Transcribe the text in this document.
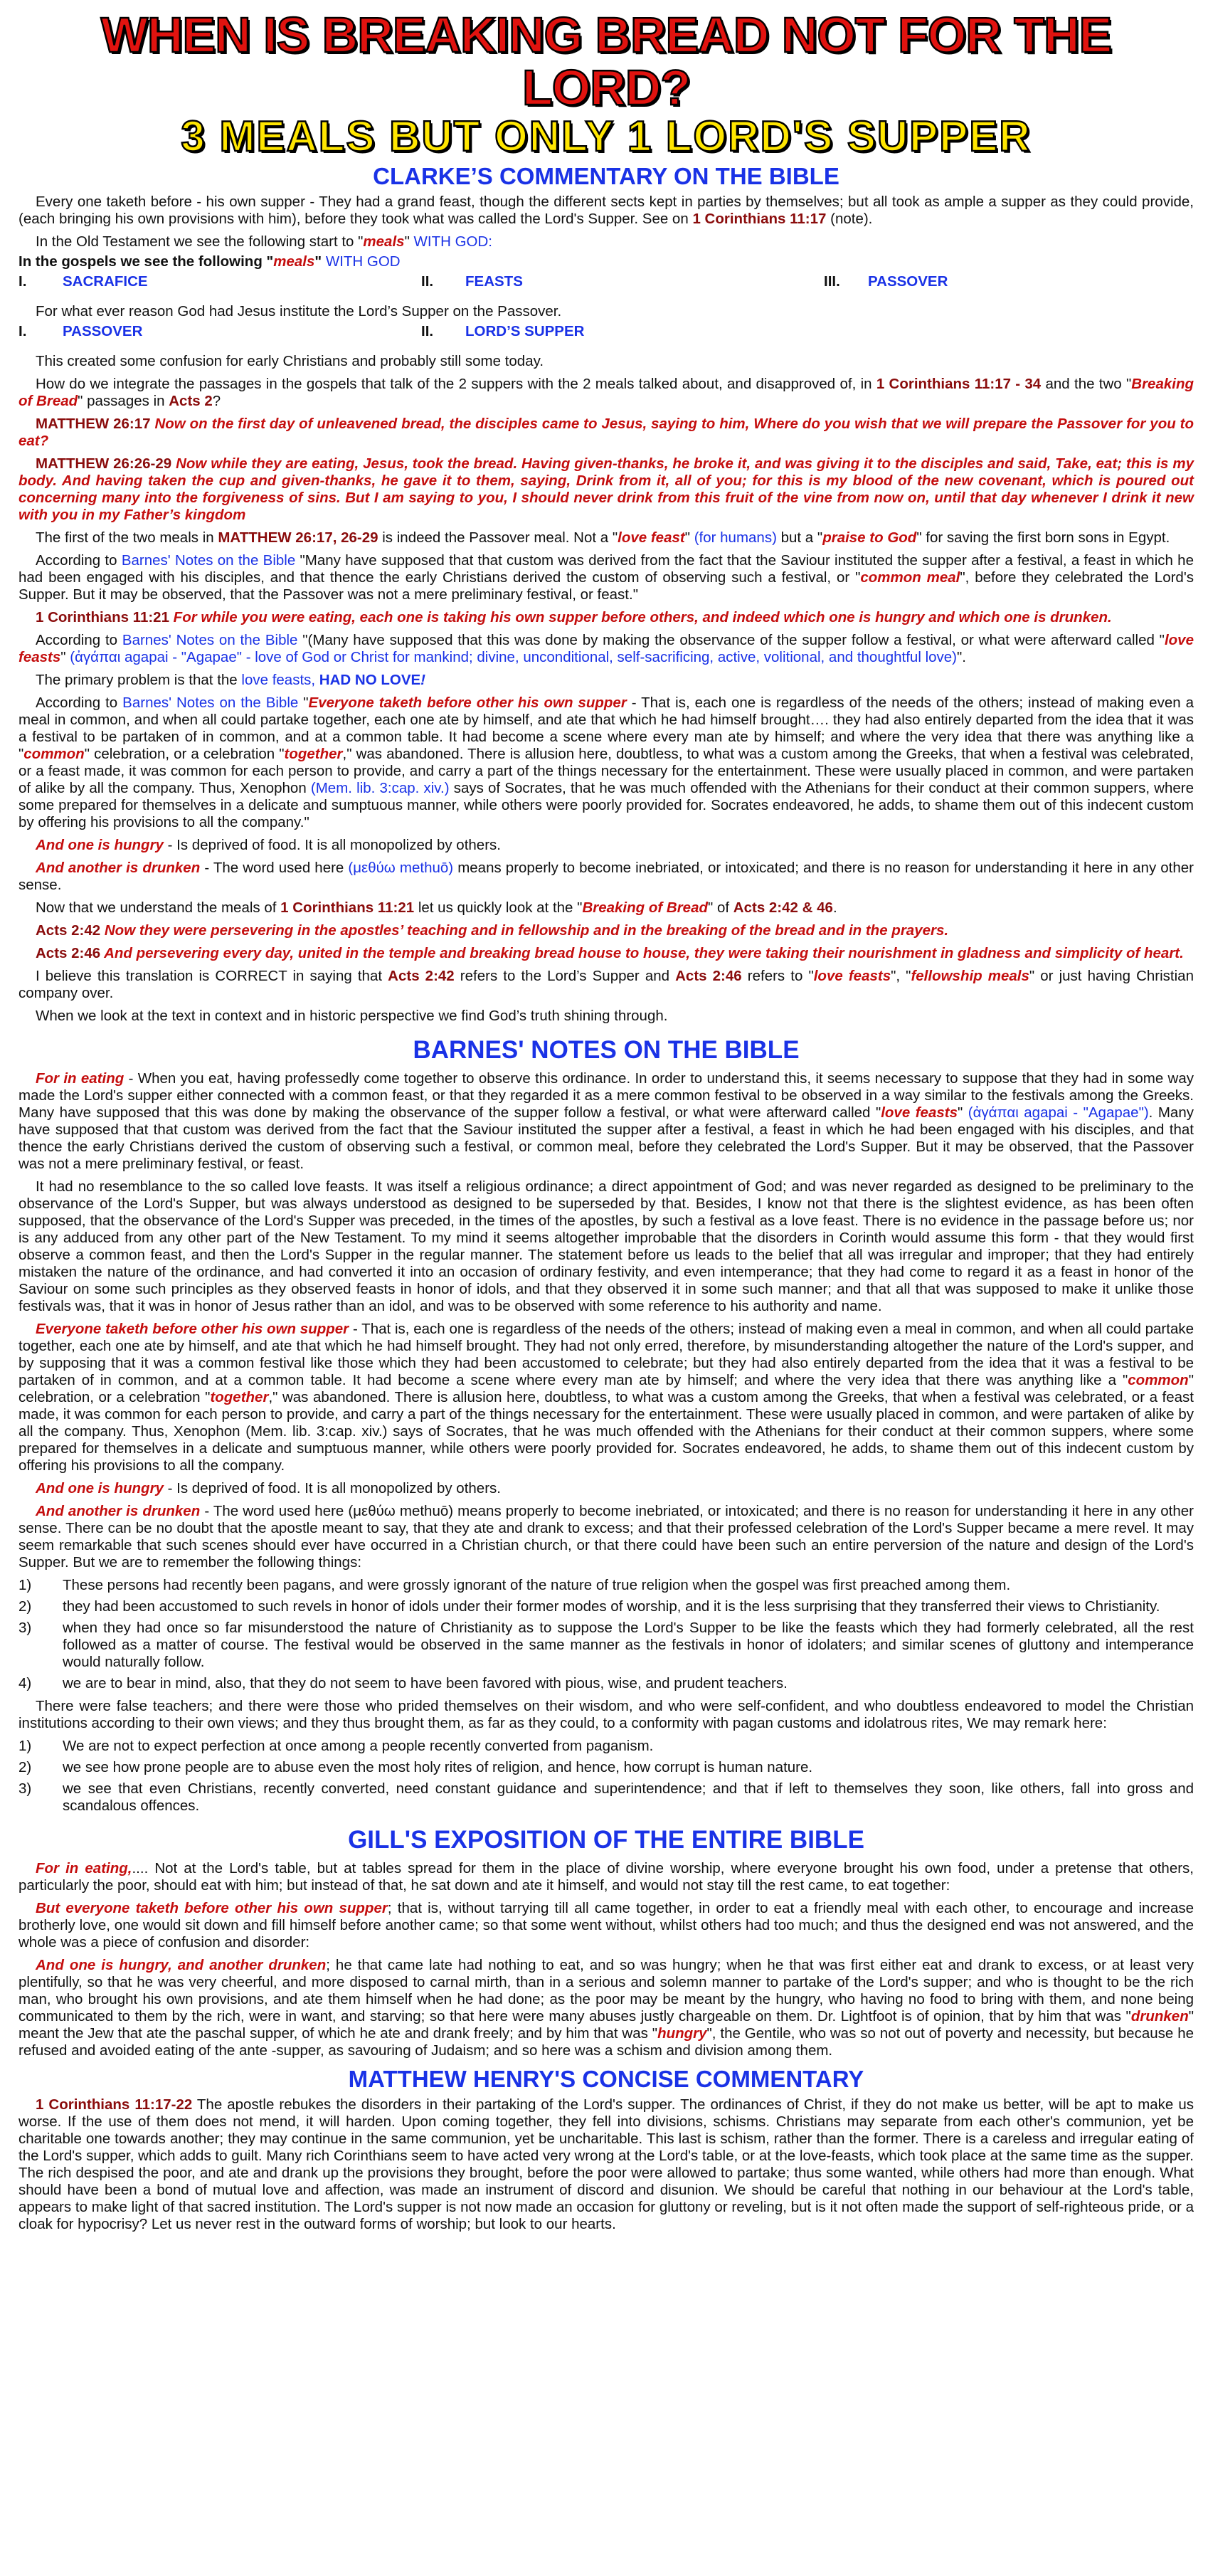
WHEN IS BREAKING BREAD NOT FOR THE LORD?
3 MEALS BUT ONLY 1 LORD'S SUPPER
CLARKE’S COMMENTARY ON THE BIBLE

Every one taketh before - his own supper - They had a grand feast, though the different sects kept in parties by themselves; but all took as ample a supper as they could provide, (each bringing his own provisions with him), before they took what was called the Lord's Supper. See on 1 Corinthians 11:17 (note).

In the Old Testament we see the following start to "meals" WITH GOD:

In the gospels we see the following "meals" WITH GOD

I.	SACRAFICE	II.	FEASTS	III.	PASSOVER

For what ever reason God had Jesus institute the Lord’s Supper on the Passover.

I.	PASSOVER	II.	LORD’S SUPPER

This created some confusion for early Christians and probably still some today.

How do we integrate the passages in the gospels that talk of the 2 suppers with the 2 meals talked about, and disapproved of, in 1 Corinthians 11:17 - 34 and the two "Breaking of Bread" passages in Acts 2?

MATTHEW 26:17 Now on the first day of unleavened bread, the disciples came to Jesus, saying to him, Where do you wish that we will prepare the Passover for you to eat?

MATTHEW 26:26-29 Now while they are eating, Jesus, took the bread. Having given-thanks, he broke it, and was giving it to the disciples and said, Take, eat; this is my body. And having taken the cup and given-thanks, he gave it to them, saying, Drink from it, all of you; for this is my blood of the new covenant, which is poured out concerning many into the forgiveness of sins. But I am saying to you, I should never drink from this fruit of the vine from now on, until that day whenever I drink it new with you in my Father’s kingdom

The first of the two meals in MATTHEW 26:17, 26-29 is indeed the Passover meal. Not a "love feast" (for humans) but a "praise to God" for saving the first born sons in Egypt.

According to Barnes' Notes on the Bible "Many have supposed that that custom was derived from the fact that the Saviour instituted the supper after a festival, a feast in which he had been engaged with his disciples, and that thence the early Christians derived the custom of observing such a festival, or "common meal", before they celebrated the Lord's Supper. But it may be observed, that the Passover was not a mere preliminary festival, or feast."

1 Corinthians 11:21 For while you were eating, each one is taking his own supper before others, and indeed which one is hungry and which one is drunken.

According to Barnes' Notes on the Bible "(Many have supposed that this was done by making the observance of the supper follow a festival, or what were afterward called "love feasts" (ἀγάπαι agapai - "Agapae" - love of God or Christ for mankind; divine, unconditional, self-sacrificing, active, volitional, and thoughtful love)".

The primary problem is that the love feasts, HAD NO LOVE!

According to Barnes' Notes on the Bible "Everyone taketh before other his own supper - That is, each one is regardless of the needs of the others; instead of making even a meal in common, and when all could partake together, each one ate by himself, and ate that which he had himself brought…. they had also entirely departed from the idea that it was a festival to be partaken of in common, and at a common table. It had become a scene where every man ate by himself; and where the very idea that there was anything like a "common" celebration, or a celebration "together," was abandoned. There is allusion here, doubtless, to what was a custom among the Greeks, that when a festival was celebrated, or a feast made, it was common for each person to provide, and carry a part of the things necessary for the entertainment. These were usually placed in common, and were partaken of alike by all the company. Thus, Xenophon (Mem. lib. 3:cap. xiv.) says of Socrates, that he was much offended with the Athenians for their conduct at their common suppers, where some prepared for themselves in a delicate and sumptuous manner, while others were poorly provided for. Socrates endeavored, he adds, to shame them out of this indecent custom by offering his provisions to all the company."

And one is hungry - Is deprived of food. It is all monopolized by others.

And another is drunken - The word used here (μεθύω methuō) means properly to become inebriated, or intoxicated; and there is no reason for understanding it here in any other sense.

Now that we understand the meals of 1 Corinthians 11:21 let us quickly look at the "Breaking of Bread" of Acts 2:42 & 46.

Acts 2:42 Now they were persevering in the apostles’ teaching and in fellowship and in the breaking of the bread and in the prayers.

Acts 2:46 And persevering every day, united in the temple and breaking bread house to house, they were taking their nourishment in gladness and simplicity of heart.

I believe this translation is CORRECT in saying that Acts 2:42 refers to the Lord’s Supper and Acts 2:46 refers to "love feasts", "fellowship meals" or just having Christian company over.

When we look at the text in context and in historic perspective we find God’s truth shining through.

BARNES' NOTES ON THE BIBLE

For in eating - When you eat, having professedly come together to observe this ordinance. In order to understand this, it seems necessary to suppose that they had in some way made the Lord's supper either connected with a common feast, or that they regarded it as a mere common festival to be observed in a way similar to the festivals among the Greeks. Many have supposed that this was done by making the observance of the supper follow a festival, or what were afterward called "love feasts" (ἀγάπαι agapai - "Agapae"). Many have supposed that that custom was derived from the fact that the Saviour instituted the supper after a festival, a feast in which he had been engaged with his disciples, and that thence the early Christians derived the custom of observing such a festival, or common meal, before they celebrated the Lord's Supper. But it may be observed, that the Passover was not a mere preliminary festival, or feast.

It had no resemblance to the so called love feasts. It was itself a religious ordinance; a direct appointment of God; and was never regarded as designed to be preliminary to the observance of the Lord's Supper, but was always understood as designed to be superseded by that. Besides, I know not that there is the slightest evidence, as has been often supposed, that the observance of the Lord's Supper was preceded, in the times of the apostles, by such a festival as a love feast. There is no evidence in the passage before us; nor is any adduced from any other part of the New Testament. To my mind it seems altogether improbable that the disorders in Corinth would assume this form - that they would first observe a common feast, and then the Lord's Supper in the regular manner. The statement before us leads to the belief that all was irregular and improper; that they had entirely mistaken the nature of the ordinance, and had converted it into an occasion of ordinary festivity, and even intemperance; that they had come to regard it as a feast in honor of the Saviour on some such principles as they observed feasts in honor of idols, and that they observed it in some such manner; and that all that was supposed to make it unlike those festivals was, that it was in honor of Jesus rather than an idol, and was to be observed with some reference to his authority and name.

Everyone taketh before other his own supper - That is, each one is regardless of the needs of the others; instead of making even a meal in common, and when all could partake together, each one ate by himself, and ate that which he had himself brought. They had not only erred, therefore, by misunderstanding altogether the nature of the Lord's supper, and by supposing that it was a common festival like those which they had been accustomed to celebrate; but they had also entirely departed from the idea that it was a festival to be partaken of in common, and at a common table. It had become a scene where every man ate by himself; and where the very idea that there was anything like a "common" celebration, or a celebration "together," was abandoned. There is allusion here, doubtless, to what was a custom among the Greeks, that when a festival was celebrated, or a feast made, it was common for each person to provide, and carry a part of the things necessary for the entertainment. These were usually placed in common, and were partaken of alike by all the company. Thus, Xenophon (Mem. lib. 3:cap. xiv.) says of Socrates, that he was much offended with the Athenians for their conduct at their common suppers, where some prepared for themselves in a delicate and sumptuous manner, while others were poorly provided for. Socrates endeavored, he adds, to shame them out of this indecent custom by offering his provisions to all the company.

And one is hungry - Is deprived of food. It is all monopolized by others.

And another is drunken - The word used here (μεθύω methuō) means properly to become inebriated, or intoxicated; and there is no reason for understanding it here in any other sense. There can be no doubt that the apostle meant to say, that they ate and drank to excess; and that their professed celebration of the Lord's Supper became a mere revel. It may seem remarkable that such scenes should ever have occurred in a Christian church, or that there could have been such an entire perversion of the nature and design of the Lord's Supper. But we are to remember the following things:

1)	These persons had recently been pagans, and were grossly ignorant of the nature of true religion when the gospel was first preached among them.
2)	they had been accustomed to such revels in honor of idols under their former modes of worship, and it is the less surprising that they transferred their views to Christianity.
3)	when they had once so far misunderstood the nature of Christianity as to suppose the Lord's Supper to be like the feasts which they had formerly celebrated, all the rest followed as a matter of course. The festival would be observed in the same manner as the festivals in honor of idolaters; and similar scenes of gluttony and intemperance would naturally follow.
4)	we are to bear in mind, also, that they do not seem to have been favored with pious, wise, and prudent teachers.

There were false teachers; and there were those who prided themselves on their wisdom, and who were self-confident, and who doubtless endeavored to model the Christian institutions according to their own views; and they thus brought them, as far as they could, to a conformity with pagan customs and idolatrous rites, We may remark here:

1)	We are not to expect perfection at once among a people recently converted from paganism.
2)	we see how prone people are to abuse even the most holy rites of religion, and hence, how corrupt is human nature.
3)	we see that even Christians, recently converted, need constant guidance and superintendence; and that if left to themselves they soon, like others, fall into gross and scandalous offences.
GILL'S EXPOSITION OF THE ENTIRE BIBLE

For in eating,.... Not at the Lord's table, but at tables spread for them in the place of divine worship, where everyone brought his own food, under a pretense that others, particularly the poor, should eat with him; but instead of that, he sat down and ate it himself, and would not stay till the rest came, to eat together:

But everyone taketh before other his own supper; that is, without tarrying till all came together, in order to eat a friendly meal with each other, to encourage and increase brotherly love, one would sit down and fill himself before another came; so that some went without, whilst others had too much; and thus the designed end was not answered, and the whole was a piece of confusion and disorder:

And one is hungry, and another drunken; he that came late had nothing to eat, and so was hungry; when he that was first either eat and drank to excess, or at least very plentifully, so that he was very cheerful, and more disposed to carnal mirth, than in a serious and solemn manner to partake of the Lord's supper; and who is thought to be the rich man, who brought his own provisions, and ate them himself when he had done; as the poor may be meant by the hungry, who having no food to bring with them, and none being communicated to them by the rich, were in want, and starving; so that here were many abuses justly chargeable on them. Dr. Lightfoot is of opinion, that by him that was "drunken" meant the Jew that ate the paschal supper, of which he ate and drank freely; and by him that was "hungry", the Gentile, who was so not out of poverty and necessity, but because he refused and avoided eating of the ante -supper, as savouring of Judaism; and so here was a schism and division among them.

MATTHEW HENRY'S CONCISE COMMENTARY

1 Corinthians 11:17-22 The apostle rebukes the disorders in their partaking of the Lord's supper. The ordinances of Christ, if they do not make us better, will be apt to make us worse. If the use of them does not mend, it will harden. Upon coming together, they fell into divisions, schisms. Christians may separate from each other's communion, yet be charitable one towards another; they may continue in the same communion, yet be uncharitable. This last is schism, rather than the former. There is a careless and irregular eating of the Lord's supper, which adds to guilt. Many rich Corinthians seem to have acted very wrong at the Lord's table, or at the love-feasts, which took place at the same time as the supper. The rich despised the poor, and ate and drank up the provisions they brought, before the poor were allowed to partake; thus some wanted, while others had more than enough. What should have been a bond of mutual love and affection, was made an instrument of discord and disunion. We should be careful that nothing in our behaviour at the Lord's table, appears to make light of that sacred institution. The Lord's supper is not now made an occasion for gluttony or reveling, but is it not often made the support of self-righteous pride, or a cloak for hypocrisy? Let us never rest in the outward forms of worship; but look to our hearts.
